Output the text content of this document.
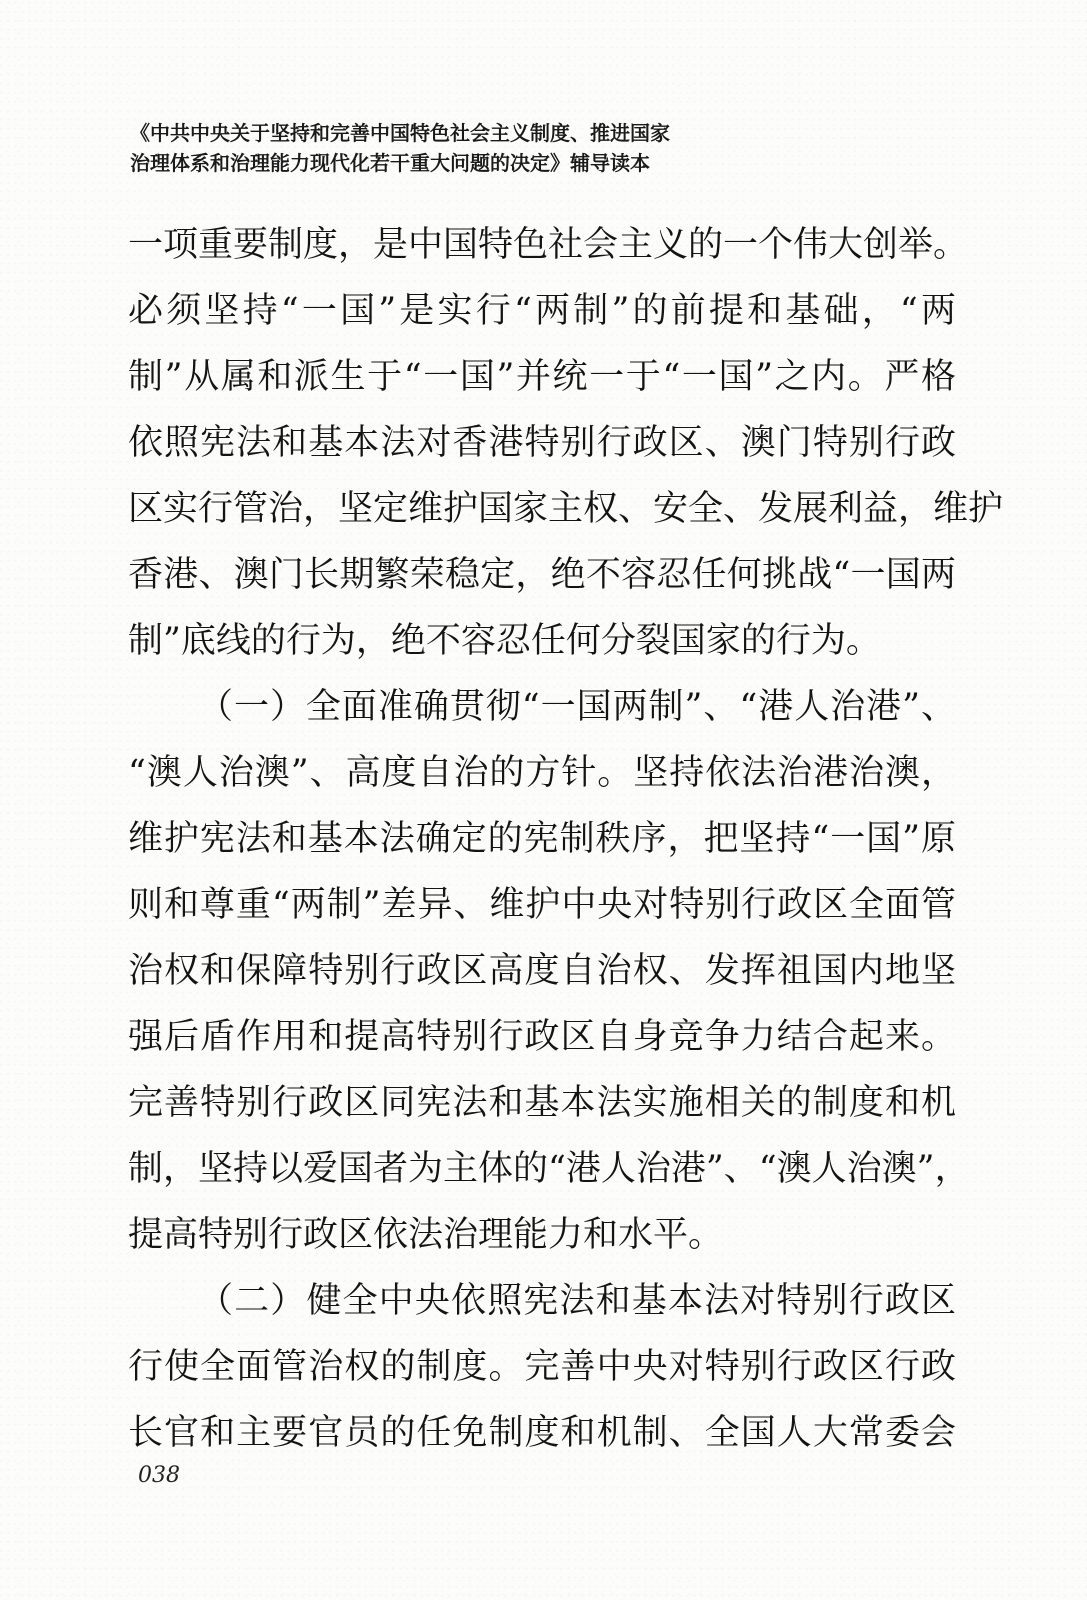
《中共中央关于坚持和完善中国特色社会主义制度、推进国家
治理体系和治理能力现代化若干重大问题的决定》辅导读本
一项重要制度，是中国特色社会主义的一个伟大创举。
必须坚持“一国”是实行“两制”的前提和基础，“两
制”从属和派生于“一国”并统一于“一国”之内。严格
依照宪法和基本法对香港特别行政区、澳门特别行政
区实行管治，坚定维护国家主权、安全、发展利益，维护
香港、澳门长期繁荣稳定，绝不容忍任何挑战“一国两
制”底线的行为，绝不容忍任何分裂国家的行为。
（一）全面准确贯彻“一国两制”、“港人治港”、
“澳人治澳”、高度自治的方针。坚持依法治港治澳，
维护宪法和基本法确定的宪制秩序，把坚持“一国”原
则和尊重“两制”差异、维护中央对特别行政区全面管
治权和保障特别行政区高度自治权、发挥祖国内地坚
强后盾作用和提高特别行政区自身竞争力结合起来。
完善特别行政区同宪法和基本法实施相关的制度和机
制，坚持以爱国者为主体的“港人治港”、“澳人治澳”，
提高特别行政区依法治理能力和水平。
（二）健全中央依照宪法和基本法对特别行政区
行使全面管治权的制度。完善中央对特别行政区行政
长官和主要官员的任免制度和机制、全国人大常委会
038
